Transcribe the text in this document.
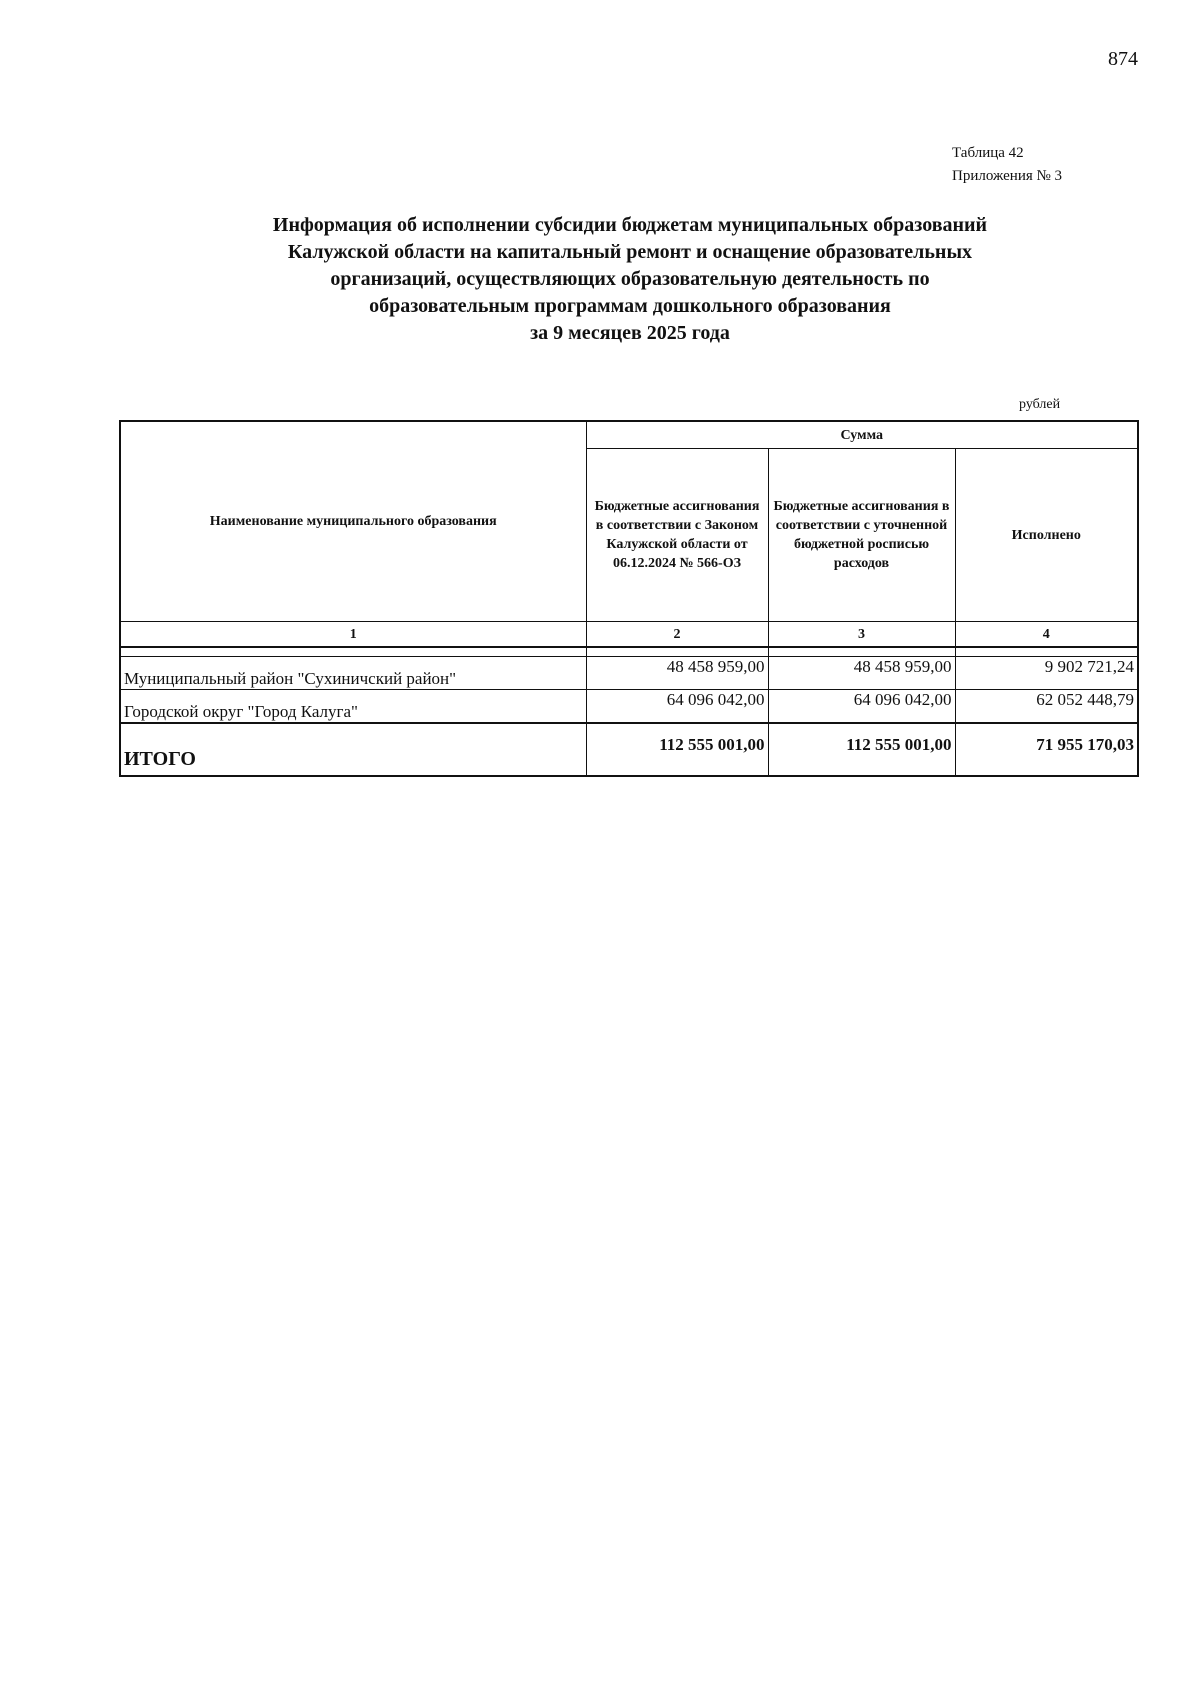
874
Таблица 42
Приложения № 3
Информация об исполнении субсидии бюджетам муниципальных образований
Калужской области на капитальный ремонт и оснащение образовательных
организаций, осуществляющих образовательную деятельность по
образовательным программам дошкольного образования
за 9 месяцев 2025 года
рублей
Наименование муниципального образования	Сумма		
	Бюджетные ассигнования в соответствии с Законом Калужской области от 06.12.2024 № 566-ОЗ	Бюджетные ассигнования в соответствии с уточненной бюджетной росписью расходов	Исполнено
1	2	3	4

Муниципальный район "Сухиничский район"	48 458 959,00	48 458 959,00	9 902 721,24
Городской округ "Город Калуга"	64 096 042,00	64 096 042,00	62 052 448,79
ИТОГО	112 555 001,00	112 555 001,00	71 955 170,03
